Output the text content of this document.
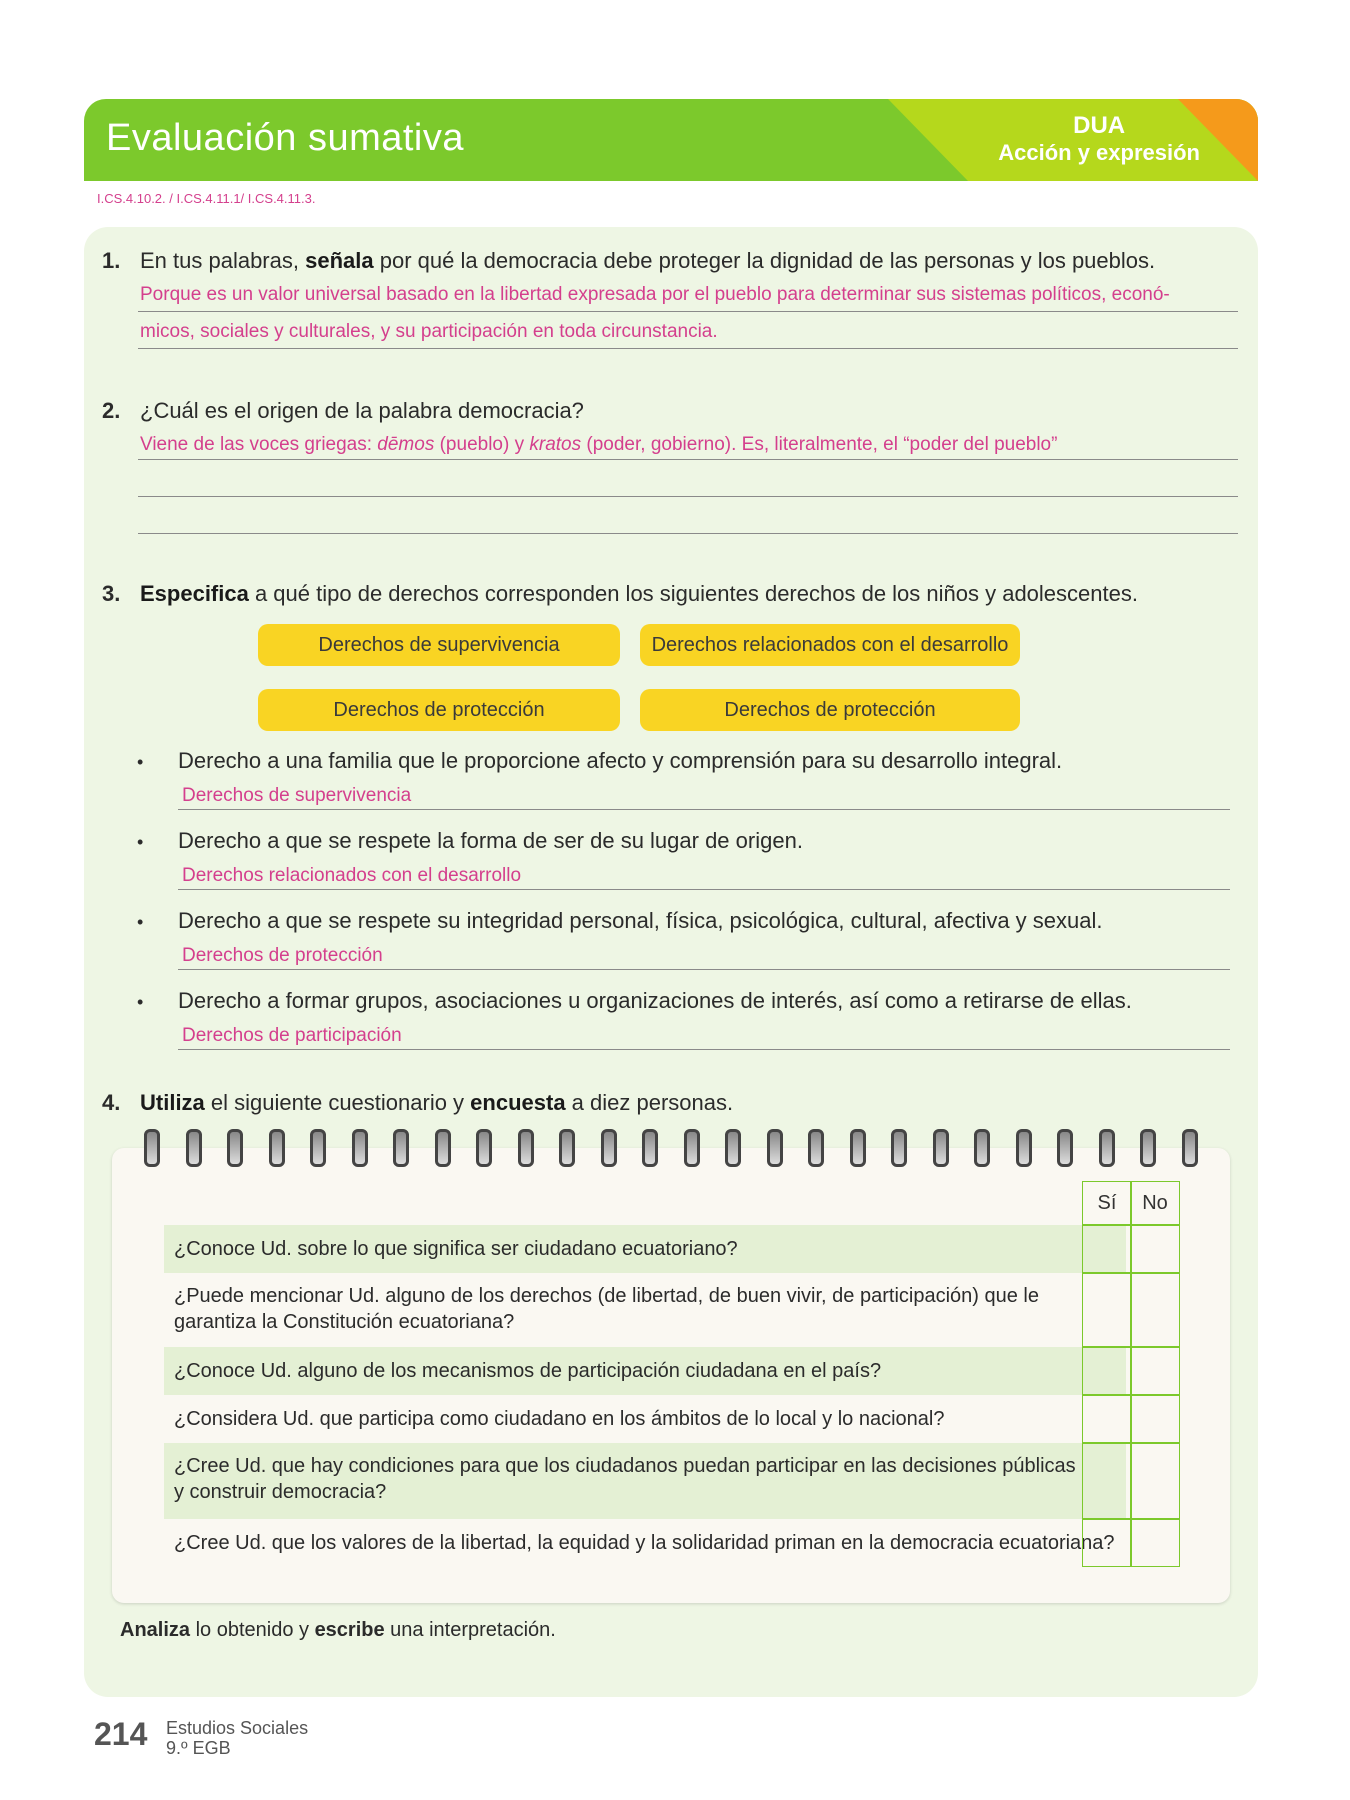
Evaluación sumativa	DUA
Acción y expresión
I.CS.4.10.2. / I.CS.4.11.1/ I.CS.4.11.3.
1. En tus palabras, señala por qué la democracia debe proteger la dignidad de las personas y los pueblos.
Porque es un valor universal basado en la libertad expresada por el pueblo para determinar sus sistemas políticos, econó-
micos, sociales y culturales, y su participación en toda circunstancia.
2. ¿Cuál es el origen de la palabra democracia?
Viene de las voces griegas: dēmos (pueblo) y kratos (poder, gobierno). Es, literalmente, el “poder del pueblo”
3. Especifica a qué tipo de derechos corresponden los siguientes derechos de los niños y adolescentes.
Derechos de supervivencia	Derechos relacionados con el desarrollo
Derechos de protección	Derechos de protección
• Derecho a una familia que le proporcione afecto y comprensión para su desarrollo integral.
Derechos de supervivencia
• Derecho a que se respete la forma de ser de su lugar de origen.
Derechos relacionados con el desarrollo
• Derecho a que se respete su integridad personal, física, psicológica, cultural, afectiva y sexual.
Derechos de protección
• Derecho a formar grupos, asociaciones u organizaciones de interés, así como a retirarse de ellas.
Derechos de participación
4. Utiliza el siguiente cuestionario y encuesta a diez personas.
Sí	No
¿Conoce Ud. sobre lo que significa ser ciudadano ecuatoriano?
¿Puede mencionar Ud. alguno de los derechos (de libertad, de buen vivir, de participación) que le
garantiza la Constitución ecuatoriana?
¿Conoce Ud. alguno de los mecanismos de participación ciudadana en el país?
¿Considera Ud. que participa como ciudadano en los ámbitos de lo local y lo nacional?
¿Cree Ud. que hay condiciones para que los ciudadanos puedan participar en las decisiones públicas
y construir democracia?
¿Cree Ud. que los valores de la libertad, la equidad y la solidaridad priman en la democracia ecuatoriana?
Analiza lo obtenido y escribe una interpretación.
214 Estudios Sociales
9.º EGB
